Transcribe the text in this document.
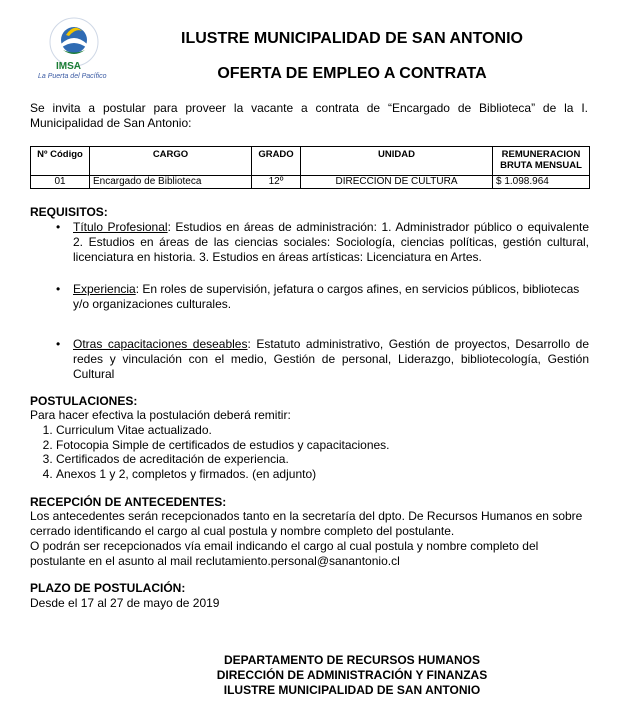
IMSA
La Puerta del Pacífico
ILUSTRE MUNICIPALIDAD DE SAN ANTONIO
OFERTA DE EMPLEO A CONTRATA
Se invita a postular para proveer la vacante a contrata de “Encargado de Biblioteca” de la I. Municipalidad de San Antonio:
Nº Código	CARGO	GRADO	UNIDAD	REMUNERACION BRUTA MENSUAL
01	Encargado de Biblioteca	12º	DIRECCION DE CULTURA	$ 1.098.964
REQUISITOS:
• Título Profesional: Estudios en áreas de administración: 1. Administrador público o equivalente 2. Estudios en áreas de las ciencias sociales: Sociología, ciencias políticas, gestión cultural, licenciatura en historia. 3. Estudios en áreas artísticas: Licenciatura en Artes.
• Experiencia: En roles de supervisión, jefatura o cargos afines, en servicios públicos, bibliotecas y/o organizaciones culturales.
• Otras capacitaciones deseables: Estatuto administrativo, Gestión de proyectos, Desarrollo de redes y vinculación con el medio, Gestión de personal, Liderazgo, bibliotecología, Gestión Cultural
POSTULACIONES:
Para hacer efectiva la postulación deberá remitir:
1. Curriculum Vitae actualizado.
2. Fotocopia Simple de certificados de estudios y capacitaciones.
3. Certificados de acreditación de experiencia.
4. Anexos 1 y 2, completos y firmados. (en adjunto)
RECEPCIÓN DE ANTECEDENTES:
Los antecedentes serán recepcionados tanto en la secretaría del dpto. De Recursos Humanos en sobre cerrado identificando el cargo al cual postula y nombre completo del postulante.
O podrán ser recepcionados vía email indicando el cargo al cual postula y nombre completo del postulante en el asunto al mail reclutamiento.personal@sanantonio.cl
PLAZO DE POSTULACIÓN:
Desde el 17 al 27 de mayo de 2019
DEPARTAMENTO DE RECURSOS HUMANOS
DIRECCIÓN DE ADMINISTRACIÓN Y FINANZAS
ILUSTRE MUNICIPALIDAD DE SAN ANTONIO
